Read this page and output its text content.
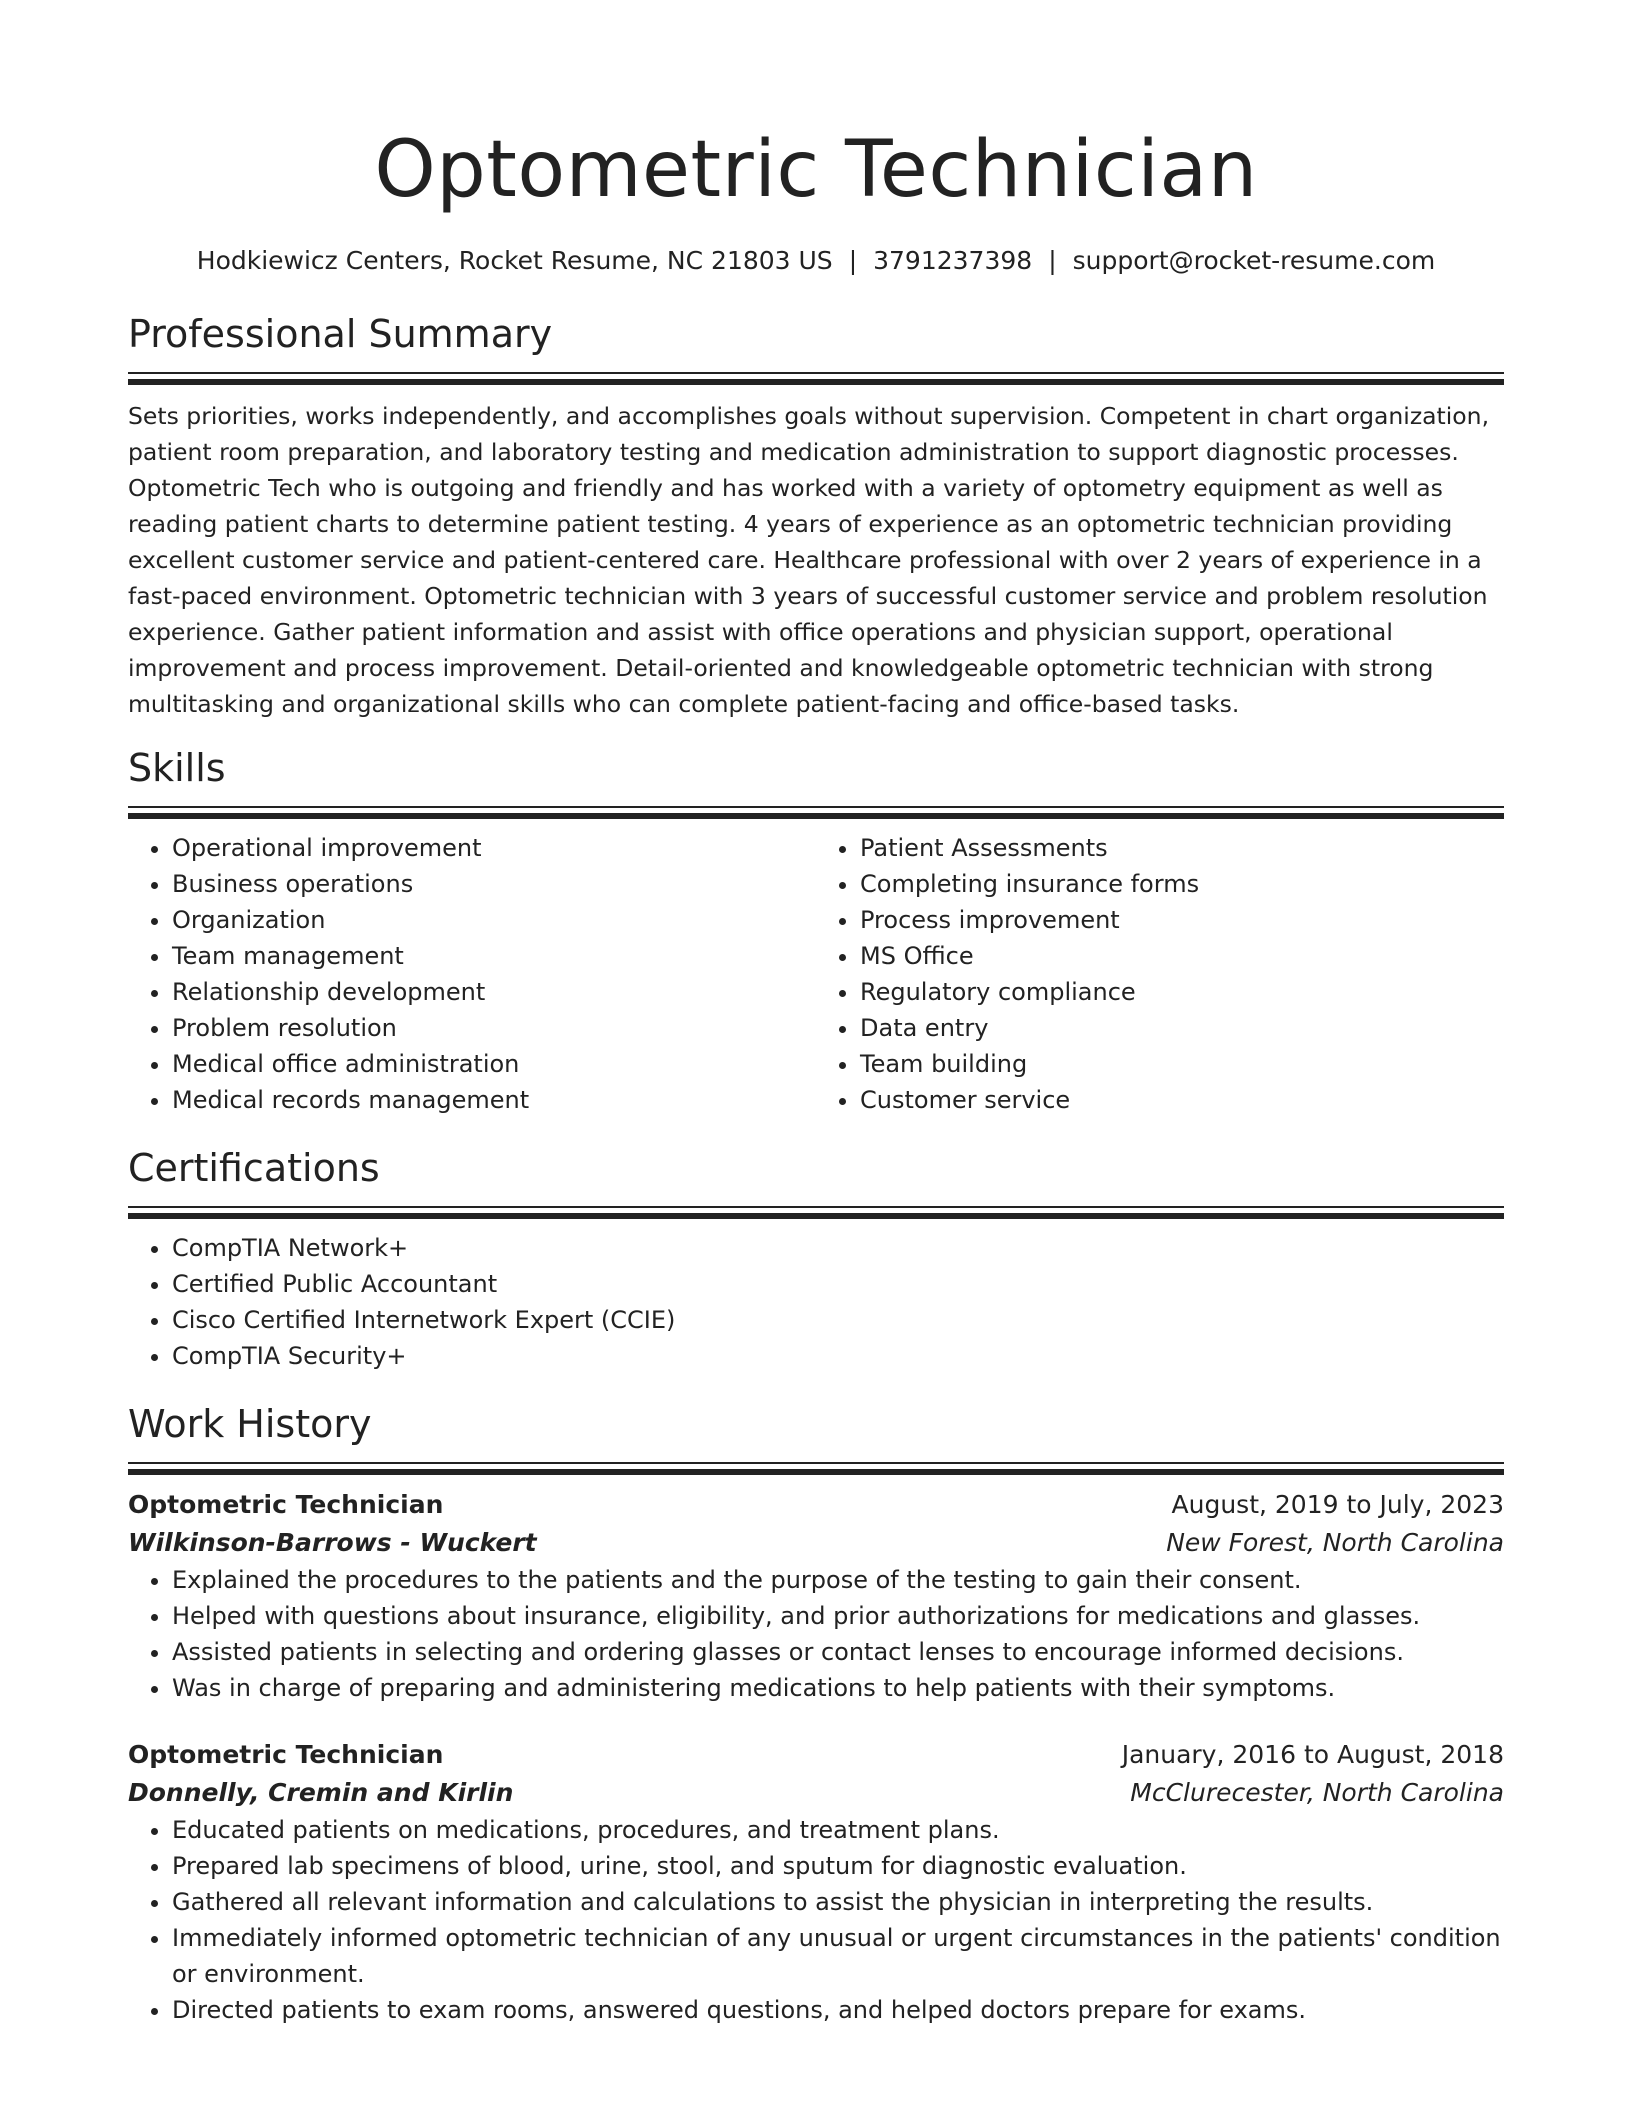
Optometric Technician
Hodkiewicz Centers, Rocket Resume, NC 21803 US | 3791237398 | support@rocket-resume.com
Professional Summary

Sets priorities, works independently, and accomplishes goals without supervision. Competent in chart organization, patient room preparation, and laboratory testing and medication administration to support diagnostic processes. Optometric Tech who is outgoing and friendly and has worked with a variety of optometry equipment as well as reading patient charts to determine patient testing. 4 years of experience as an optometric technician providing excellent customer service and patient-centered care. Healthcare professional with over 2 years of experience in a fast-paced environment. Optometric technician with 3 years of successful customer service and problem resolution experience. Gather patient information and assist with office operations and physician support, operational improvement and process improvement. Detail-oriented and knowledgeable optometric technician with strong multitasking and organizational skills who can complete patient-facing and office-based tasks.

Skills
• Operational improvement
• Business operations
• Organization
• Team management
• Relationship development
• Problem resolution
• Medical office administration
• Medical records management
• Patient Assessments
• Completing insurance forms
• Process improvement
• MS Office
• Regulatory compliance
• Data entry
• Team building
• Customer service
Certifications
• CompTIA Network+
• Certified Public Accountant
• Cisco Certified Internetwork Expert (CCIE)
• CompTIA Security+
Work History
Optometric Technician	August, 2019 to July, 2023
Wilkinson-Barrows - Wuckert	New Forest, North Carolina
• Explained the procedures to the patients and the purpose of the testing to gain their consent.
• Helped with questions about insurance, eligibility, and prior authorizations for medications and glasses.
• Assisted patients in selecting and ordering glasses or contact lenses to encourage informed decisions.
• Was in charge of preparing and administering medications to help patients with their symptoms.
Optometric Technician	January, 2016 to August, 2018
Donnelly, Cremin and Kirlin	McClurecester, North Carolina
• Educated patients on medications, procedures, and treatment plans.
• Prepared lab specimens of blood, urine, stool, and sputum for diagnostic evaluation.
• Gathered all relevant information and calculations to assist the physician in interpreting the results.
• Immediately informed optometric technician of any unusual or urgent circumstances in the patients' condition or environment.
• Directed patients to exam rooms, answered questions, and helped doctors prepare for exams.
